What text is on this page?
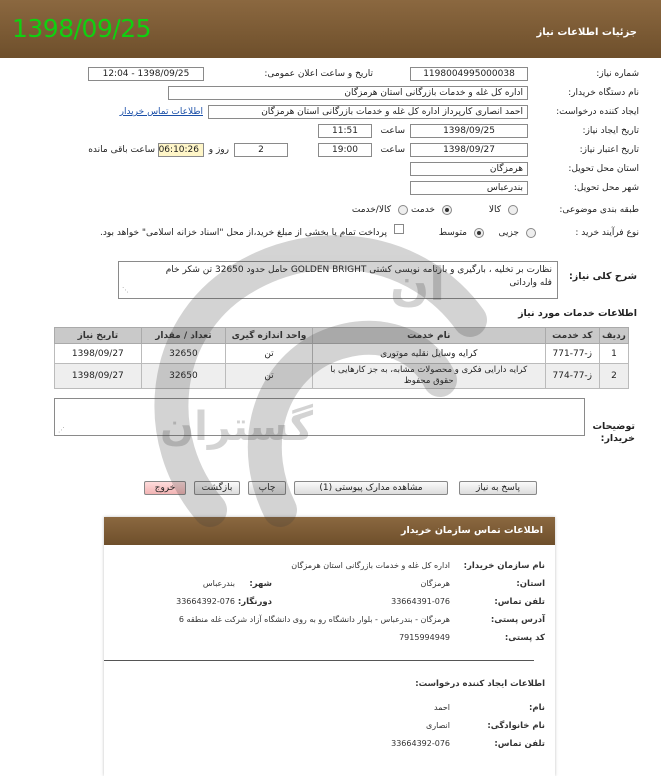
1398/09/25	جزئیات اطلاعات نیاز
شماره نیاز:
1198004995000038
تاریخ و ساعت اعلان عمومی:
1398/09/25 - 12:04
نام دستگاه خریدار:
اداره کل غله و خدمات بازرگانی استان هرمزگان
ایجاد کننده درخواست:
احمد انصاری کارپرداز اداره کل غله و خدمات بازرگانی استان هرمزگان
اطلاعات تماس خریدار
تاریخ ایجاد نیاز:
1398/09/25
ساعت
11:51
تاریخ اعتبار نیاز:
1398/09/27
ساعت
19:00
2
روز و
06:10:26
ساعت باقی مانده
استان محل تحویل:
هرمزگان
شهر محل تحویل:
بندرعباس
طبقه بندی موضوعی:
کالا
خدمت
کالا/خدمت
نوع فرآیند خرید :
جزیی
متوسط
پرداخت تمام یا بخشی از مبلغ خرید،از محل "اسناد خزانه اسلامی" خواهد بود.
شرح کلی نیاز:
نظارت بر تخلیه ، بارگیری و بارنامه نویسی کشتی GOLDEN BRIGHT حامل حدود 32650 تن شکر خام
فله وارداتی
⋰
اطلاعات خدمات مورد نیاز
ردیف	کد خدمت	نام خدمت	واحد اندازه گیری	تعداد / مقدار	تاریخ نیاز
1	ز-77-771	کرایه وسایل نقلیه موتوری	تن	32650	1398/09/27
2	ز-77-774	کرایه دارایی فکری و محصولات مشابه، به جز کارهایی با
حقوق محفوظ	تن	32650	1398/09/27
توضیحات
خریدار:
⋰
پاسخ به نیاز
مشاهده مدارک پیوستی (1)
چاپ
بازگشت
خروج
اطلاعات تماس سازمان خریدار
نام سازمان خریدار:
اداره کل غله و خدمات بازرگانی استان هرمزگان
استان:
هرمزگان
شهر:
بندرعباس
تلفن تماس:
33664391-076
دورنگار:
33664392-076
آدرس پستی:
هرمزگان - بندرعباس - بلوار دانشگاه رو به روی دانشگاه آزاد شرکت غله منطقه 6
کد پستی:
7915994949
اطلاعات ایجاد کننده درخواست:
نام:
احمد
نام خانوادگی:
انصاری
تلفن تماس:
33664392-076
گستران
ان
